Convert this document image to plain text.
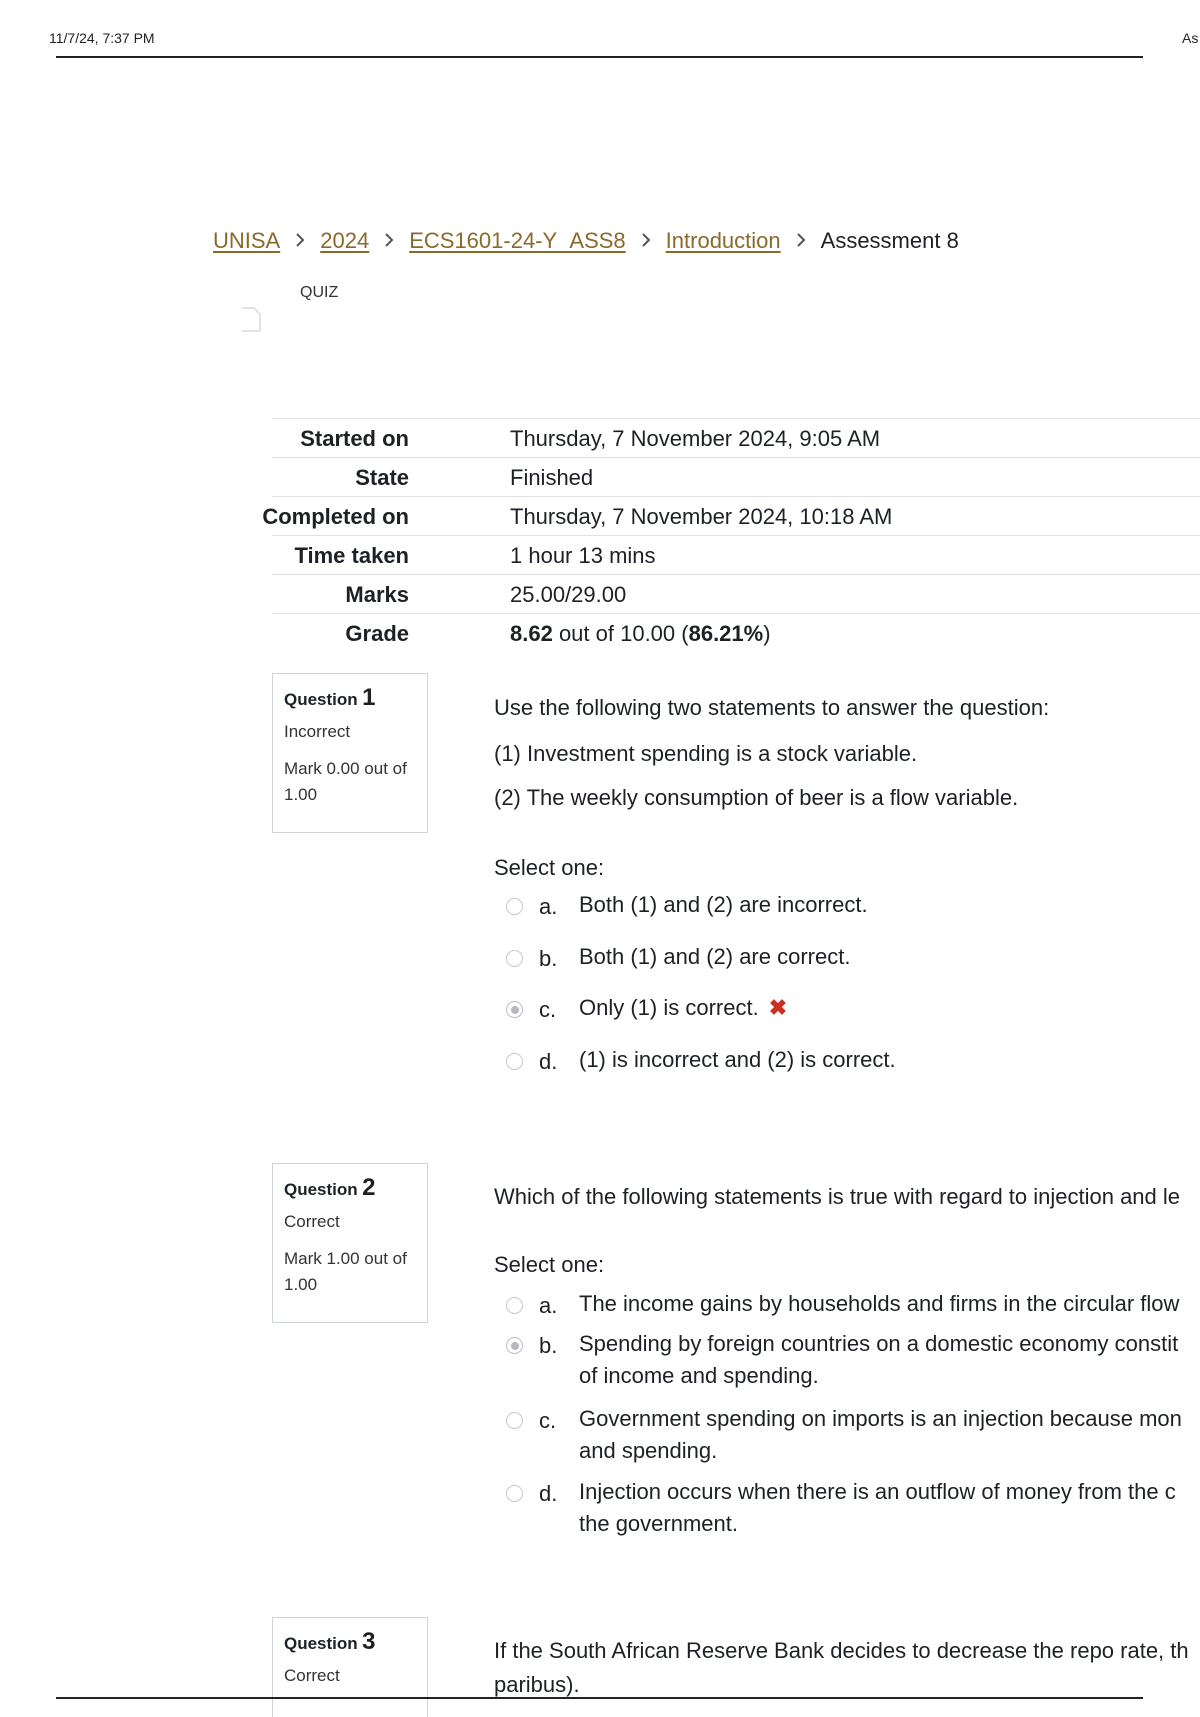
11/7/24, 7:37 PM	As
UNISA 2024 ECS1601-24-Y_ASS8 Introduction Assessment 8
QUIZ
Started on	Thursday, 7 November 2024, 9:05 AM
State	Finished
Completed on	Thursday, 7 November 2024, 10:18 AM
Time taken	1 hour 13 mins
Marks	25.00/29.00
Grade	8.62 out of 10.00 (86.21%)
Question 1
Incorrect
Mark 0.00 out of 1.00
Use the following two statements to answer the question:
(1) Investment spending is a stock variable.
(2) The weekly consumption of beer is a flow variable.
Select one:
a. Both (1) and (2) are incorrect.
b. Both (1) and (2) are correct.
c. Only (1) is correct. ✖
d. (1) is incorrect and (2) is correct.
Question 2
Correct
Mark 1.00 out of 1.00
Which of the following statements is true with regard to injection and le
Select one:
a. The income gains by households and firms in the circular flow
b. Spending by foreign countries on a domestic economy constit
of income and spending.
c. Government spending on imports is an injection because mon
and spending.
d. Injection occurs when there is an outflow of money from the c
the government.
Question 3
Correct
If the South African Reserve Bank decides to decrease the repo rate, th
paribus).
